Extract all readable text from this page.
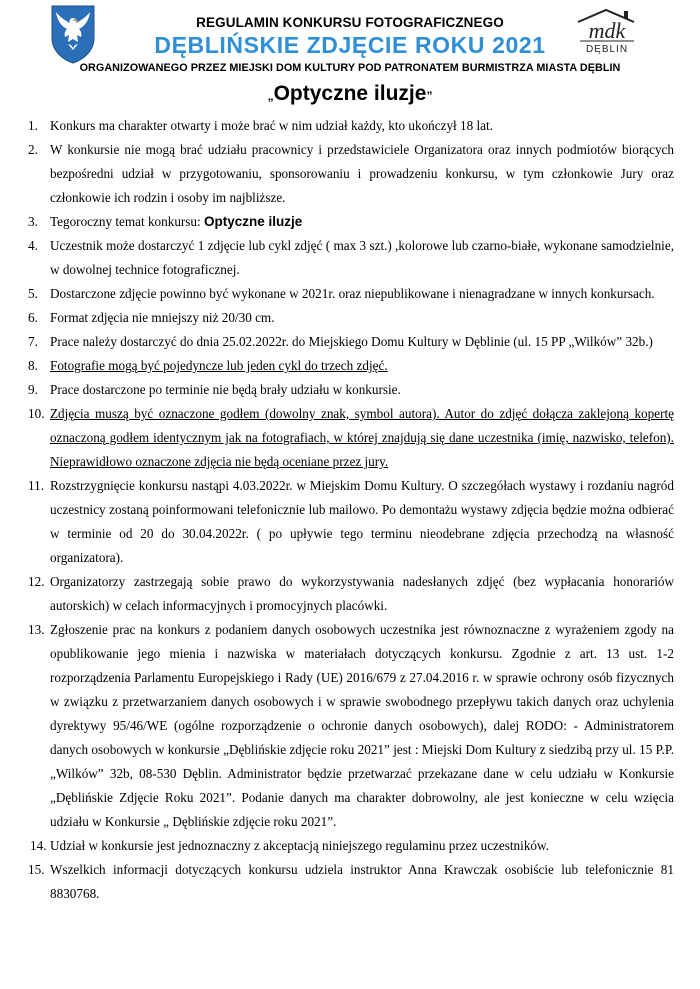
mdk
DĘBLIN
REGULAMIN KONKURSU FOTOGRAFICZNEGO
DĘBLIŃSKIE ZDJĘCIE ROKU 2021
ORGANIZOWANEGO PRZEZ MIEJSKI DOM KULTURY POD PATRONATEM BURMISTRZA MIASTA DĘBLIN
„Optyczne iluzje”
1. Konkurs ma charakter otwarty i może brać w nim udział każdy, kto ukończył 18 lat.
2. W konkursie nie mogą brać udziału pracownicy i przedstawiciele Organizatora oraz innych podmiotów biorących bezpośredni udział w przygotowaniu, sponsorowaniu i prowadzeniu konkursu, w tym członkowie Jury oraz członkowie ich rodzin i osoby im najbliższe.
3. Tegoroczny temat konkursu: Optyczne iluzje
4. Uczestnik może dostarczyć 1 zdjęcie lub cykl zdjęć ( max 3 szt.) ,kolorowe lub czarno-białe, wykonane samodzielnie, w dowolnej technice fotograficznej.
5. Dostarczone zdjęcie powinno być wykonane w 2021r. oraz niepublikowane i nienagradzane w innych konkursach.
6. Format zdjęcia nie mniejszy niż 20/30 cm.
7. Prace należy dostarczyć do dnia 25.02.2022r. do Miejskiego Domu Kultury w Dęblinie (ul. 15 PP „Wilków” 32b.)
8. Fotografie mogą być pojedyncze lub jeden cykl do trzech zdjęć.
9. Prace dostarczone po terminie nie będą brały udziału w konkursie.
10. Zdjęcia muszą być oznaczone godłem (dowolny znak, symbol autora). Autor do zdjęć dołącza zaklejoną kopertę oznaczoną godłem identycznym jak na fotografiach, w której znajdują się dane uczestnika (imię, nazwisko, telefon). Nieprawidłowo oznaczone zdjęcia nie będą oceniane przez jury.
11. Rozstrzygnięcie konkursu nastąpi 4.03.2022r. w Miejskim Domu Kultury. O szczegółach wystawy i rozdaniu nagród uczestnicy zostaną poinformowani telefonicznie lub mailowo. Po demontażu wystawy zdjęcia będzie można odbierać w terminie od 20 do 30.04.2022r. ( po upływie tego terminu nieodebrane zdjęcia przechodzą na własność organizatora).
12. Organizatorzy zastrzegają sobie prawo do wykorzystywania nadesłanych zdjęć (bez wypłacania honorariów autorskich) w celach informacyjnych i promocyjnych placówki.
13. Zgłoszenie prac na konkurs z podaniem danych osobowych uczestnika jest równoznaczne z wyrażeniem zgody na opublikowanie jego mienia i nazwiska w materiałach dotyczących konkursu. Zgodnie z art. 13 ust. 1-2 rozporządzenia Parlamentu Europejskiego i Rady (UE) 2016/679 z 27.04.2016 r. w sprawie ochrony osób fizycznych w związku z przetwarzaniem danych osobowych i w sprawie swobodnego przepływu takich danych oraz uchylenia dyrektywy 95/46/WE (ogólne rozporządzenie o ochronie danych osobowych), dalej RODO: - Administratorem danych osobowych w konkursie „Dęblińskie zdjęcie roku 2021” jest : Miejski Dom Kultury z siedzibą przy ul. 15 P.P. „Wilków” 32b, 08-530 Dęblin. Administrator będzie przetwarzać przekazane dane w celu udziału w Konkursie „Dęblińskie Zdjęcie Roku 2021”. Podanie danych ma charakter dobrowolny, ale jest konieczne w celu wzięcia udziału w Konkursie „ Dęblińskie zdjęcie roku 2021”.
14. Udział w konkursie jest jednoznaczny z akceptacją niniejszego regulaminu przez uczestników.
15. Wszelkich informacji dotyczących konkursu udziela instruktor Anna Krawczak osobiście lub telefonicznie 81 8830768.
